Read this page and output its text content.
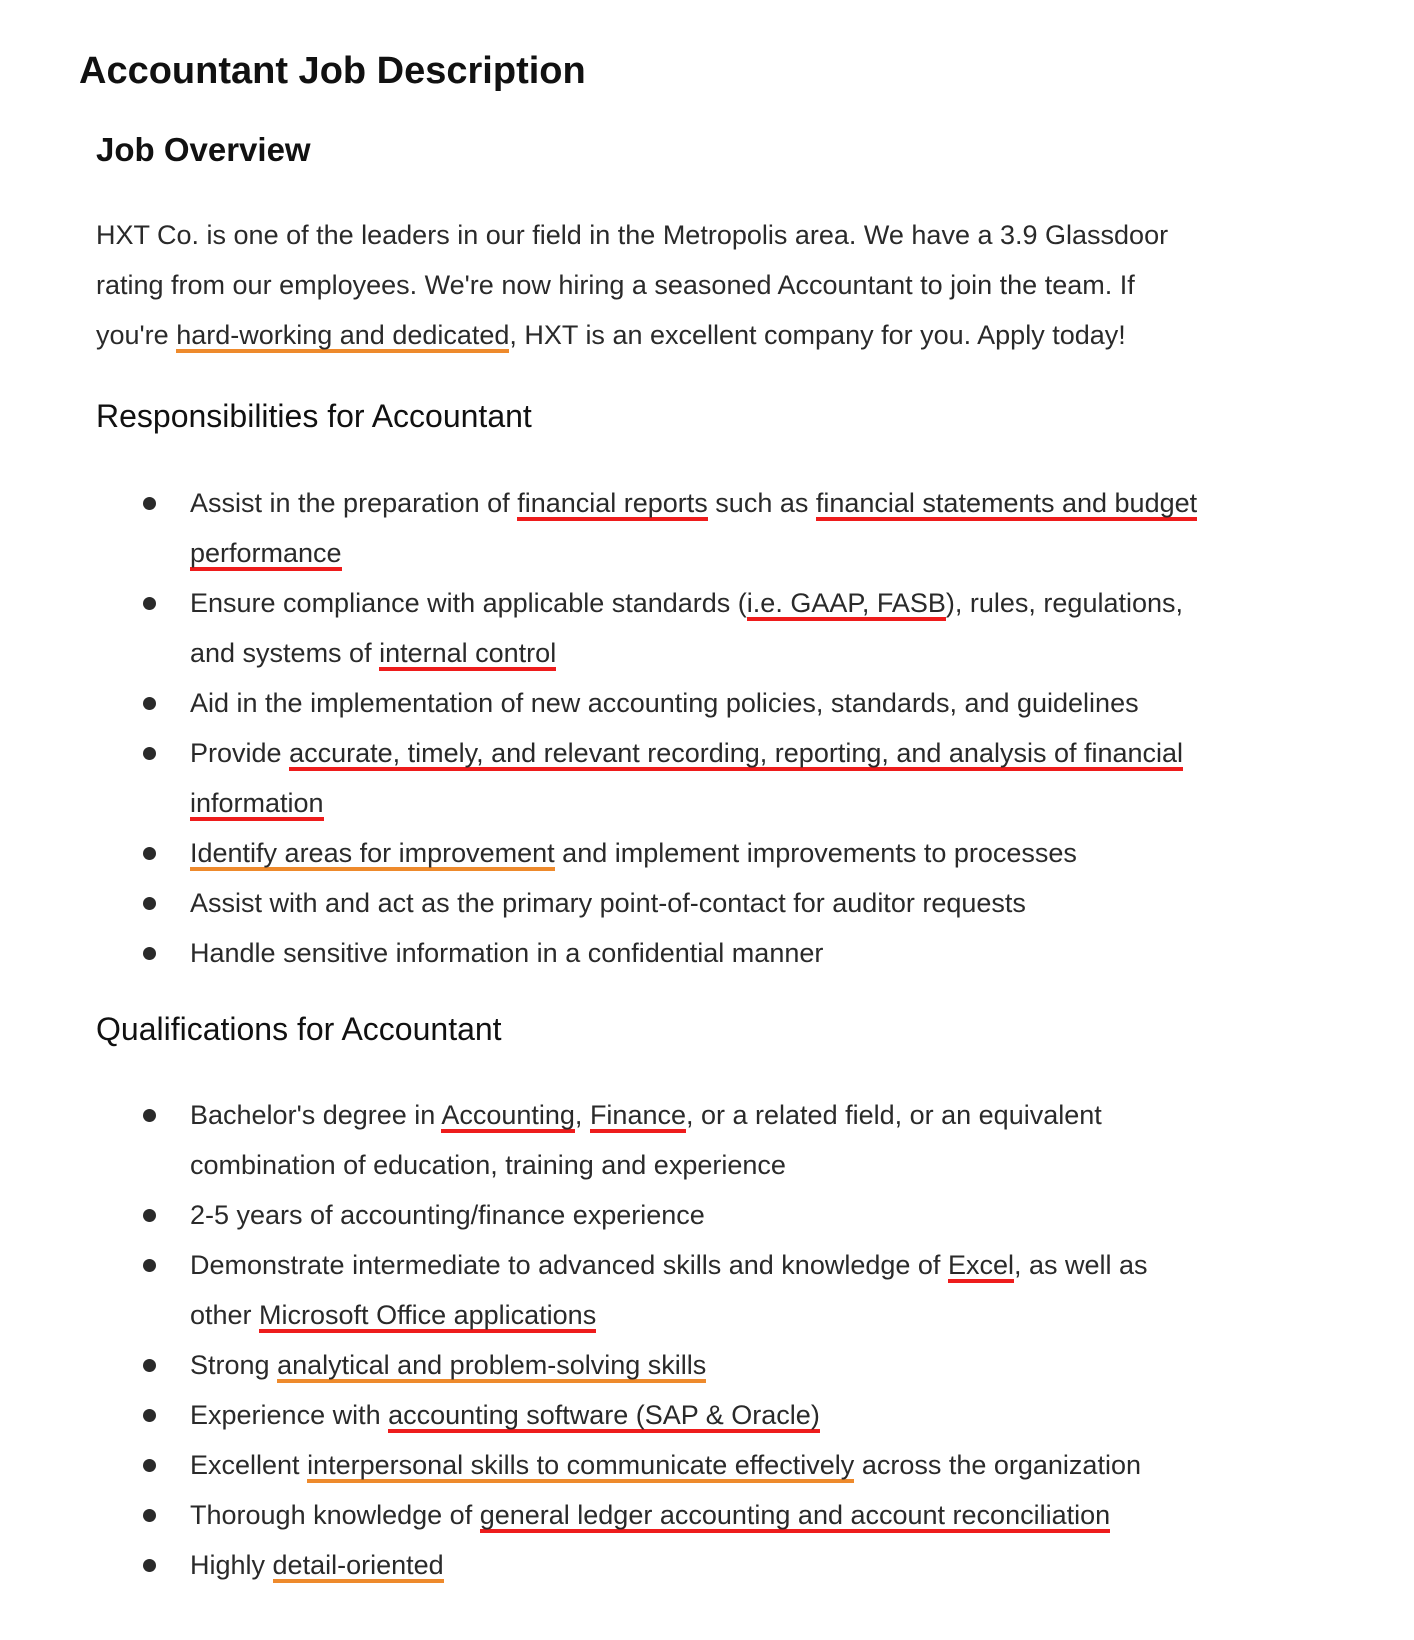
Accountant Job Description
Job Overview

HXT Co. is one of the leaders in our field in the Metropolis area. We have a 3.9 Glassdoor
rating from our employees. We're now hiring a seasoned Accountant to join the team. If
you're hard-working and dedicated, HXT is an excellent company for you. Apply today!

Responsibilities for Accountant
Assist in the preparation of financial reports such as financial statements and budget
performance
Ensure compliance with applicable standards (i.e. GAAP, FASB), rules, regulations,
and systems of internal control
Aid in the implementation of new accounting policies, standards, and guidelines
Provide accurate, timely, and relevant recording, reporting, and analysis of financial
information
Identify areas for improvement and implement improvements to processes
Assist with and act as the primary point-of-contact for auditor requests
Handle sensitive information in a confidential manner
Qualifications for Accountant
Bachelor's degree in Accounting, Finance, or a related field, or an equivalent
combination of education, training and experience
2-5 years of accounting/finance experience
Demonstrate intermediate to advanced skills and knowledge of Excel, as well as
other Microsoft Office applications
Strong analytical and problem-solving skills
Experience with accounting software (SAP & Oracle)
Excellent interpersonal skills to communicate effectively across the organization
Thorough knowledge of general ledger accounting and account reconciliation
Highly detail-oriented
